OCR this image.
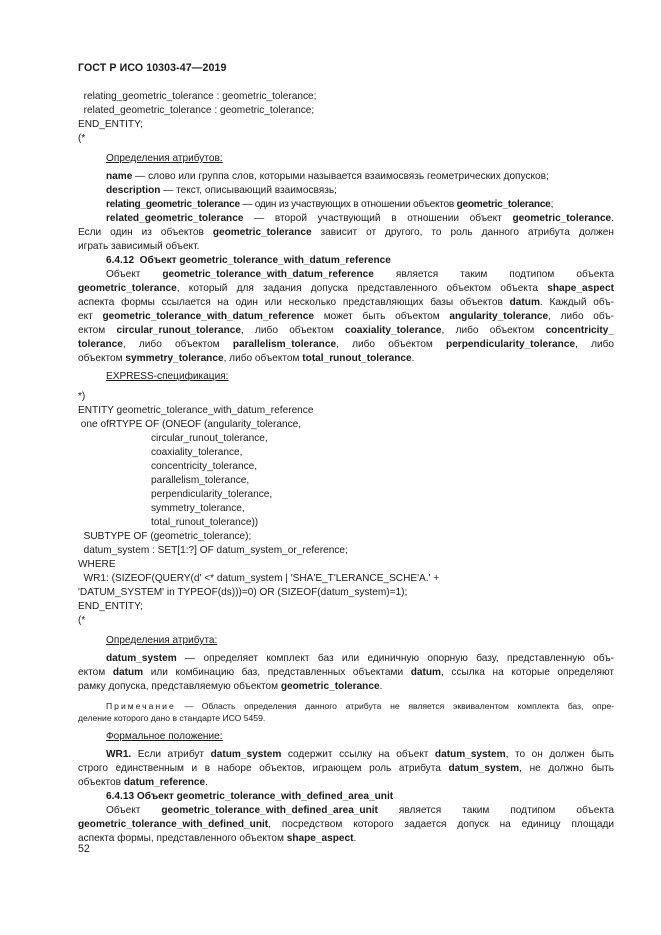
ГОСТ Р ИСО 10303-47—2019
relating_geometric_tolerance : geometric_tolerance;
related_geometric_tolerance : geometric_tolerance;
END_ENTITY;
(*
Определения атрибутов:
name — слово или группа слов, которыми называется взаимосвязь геометрических допусков;
description — текст, описывающий взаимосвязь;
relating_geometric_tolerance — один из участвующих в отношении объектов geometric_tolerance;
related_geometric_tolerance — второй участвующий в отношении объект geometric_tolerance.
Если один из объектов geometric_tolerance зависит от другого, то роль данного атрибута должен
играть зависимый объект.
6.4.12  Объект geometric_tolerance_with_datum_reference
Объект   geometric_tolerance_with_datum_reference   является   таким   подтипом   объекта
geometric_tolerance, который для задания допуска представленного объектом объекта shape_aspect
аспекта формы ссылается на один или несколько представляющих базы объектов datum. Каждый объ-
ект geometric_tolerance_with_datum_reference может быть объектом angularity_tolerance, либо объ-
ектом circular_runout_tolerance, либо объектом coaxiality_tolerance, либо объектом concentricity_
tolerance, либо объектом parallelism_tolerance, либо объектом perpendicularity_tolerance, либо
объектом symmetry_tolerance, либо объектом total_runout_tolerance.
EXPRESS-спецификация:
*)
ENTITY geometric_tolerance_with_datum_reference
one ofRTYPE OF (ONEOF (angularity_tolerance,
circular_runout_tolerance,
coaxiality_tolerance,
concentricity_tolerance,
parallelism_tolerance,
perpendicularity_tolerance,
symmetry_tolerance,
total_runout_tolerance))
SUBTYPE OF (geometric_tolerance);
datum_system : SET[1:?] OF datum_system_or_reference;
WHERE
WR1: (SIZEOF(QUERY(d' <* datum_system | 'SHA'E_T'LERANCE_SCHE'A.' +
'DATUM_SYSTEM' in TYPEOF(ds)))=0) OR (SIZEOF(datum_system)=1);
END_ENTITY;
(*
Определения атрибута:
datum_system — определяет комплект баз или единичную опорную базу, представленную объ-
ектом datum или комбинацию баз, представленных объектами datum, ссылка на которые определяют
рамку допуска, представляемую объектом geometric_tolerance.
Примечание — Область определения данного атрибута не является эквивалентом комплекта баз, опре-
деление которого дано в стандарте ИСО 5459.
Формальное положение:
WR1. Если атрибут datum_system содержит ссылку на объект datum_system, то он должен быть
строго единственным и в наборе объектов, играющем роль атрибута datum_system, не должно быть
объектов datum_reference.
6.4.13 Объект geometric_tolerance_with_defined_area_unit
Объект   geometric_tolerance_with_defined_area_unit   является   таким   подтипом   объекта
geometric_tolerance_with_defined_unit, посредством которого задается допуск на единицу площади
аспекта формы, представленного объектом shape_aspect.
52
